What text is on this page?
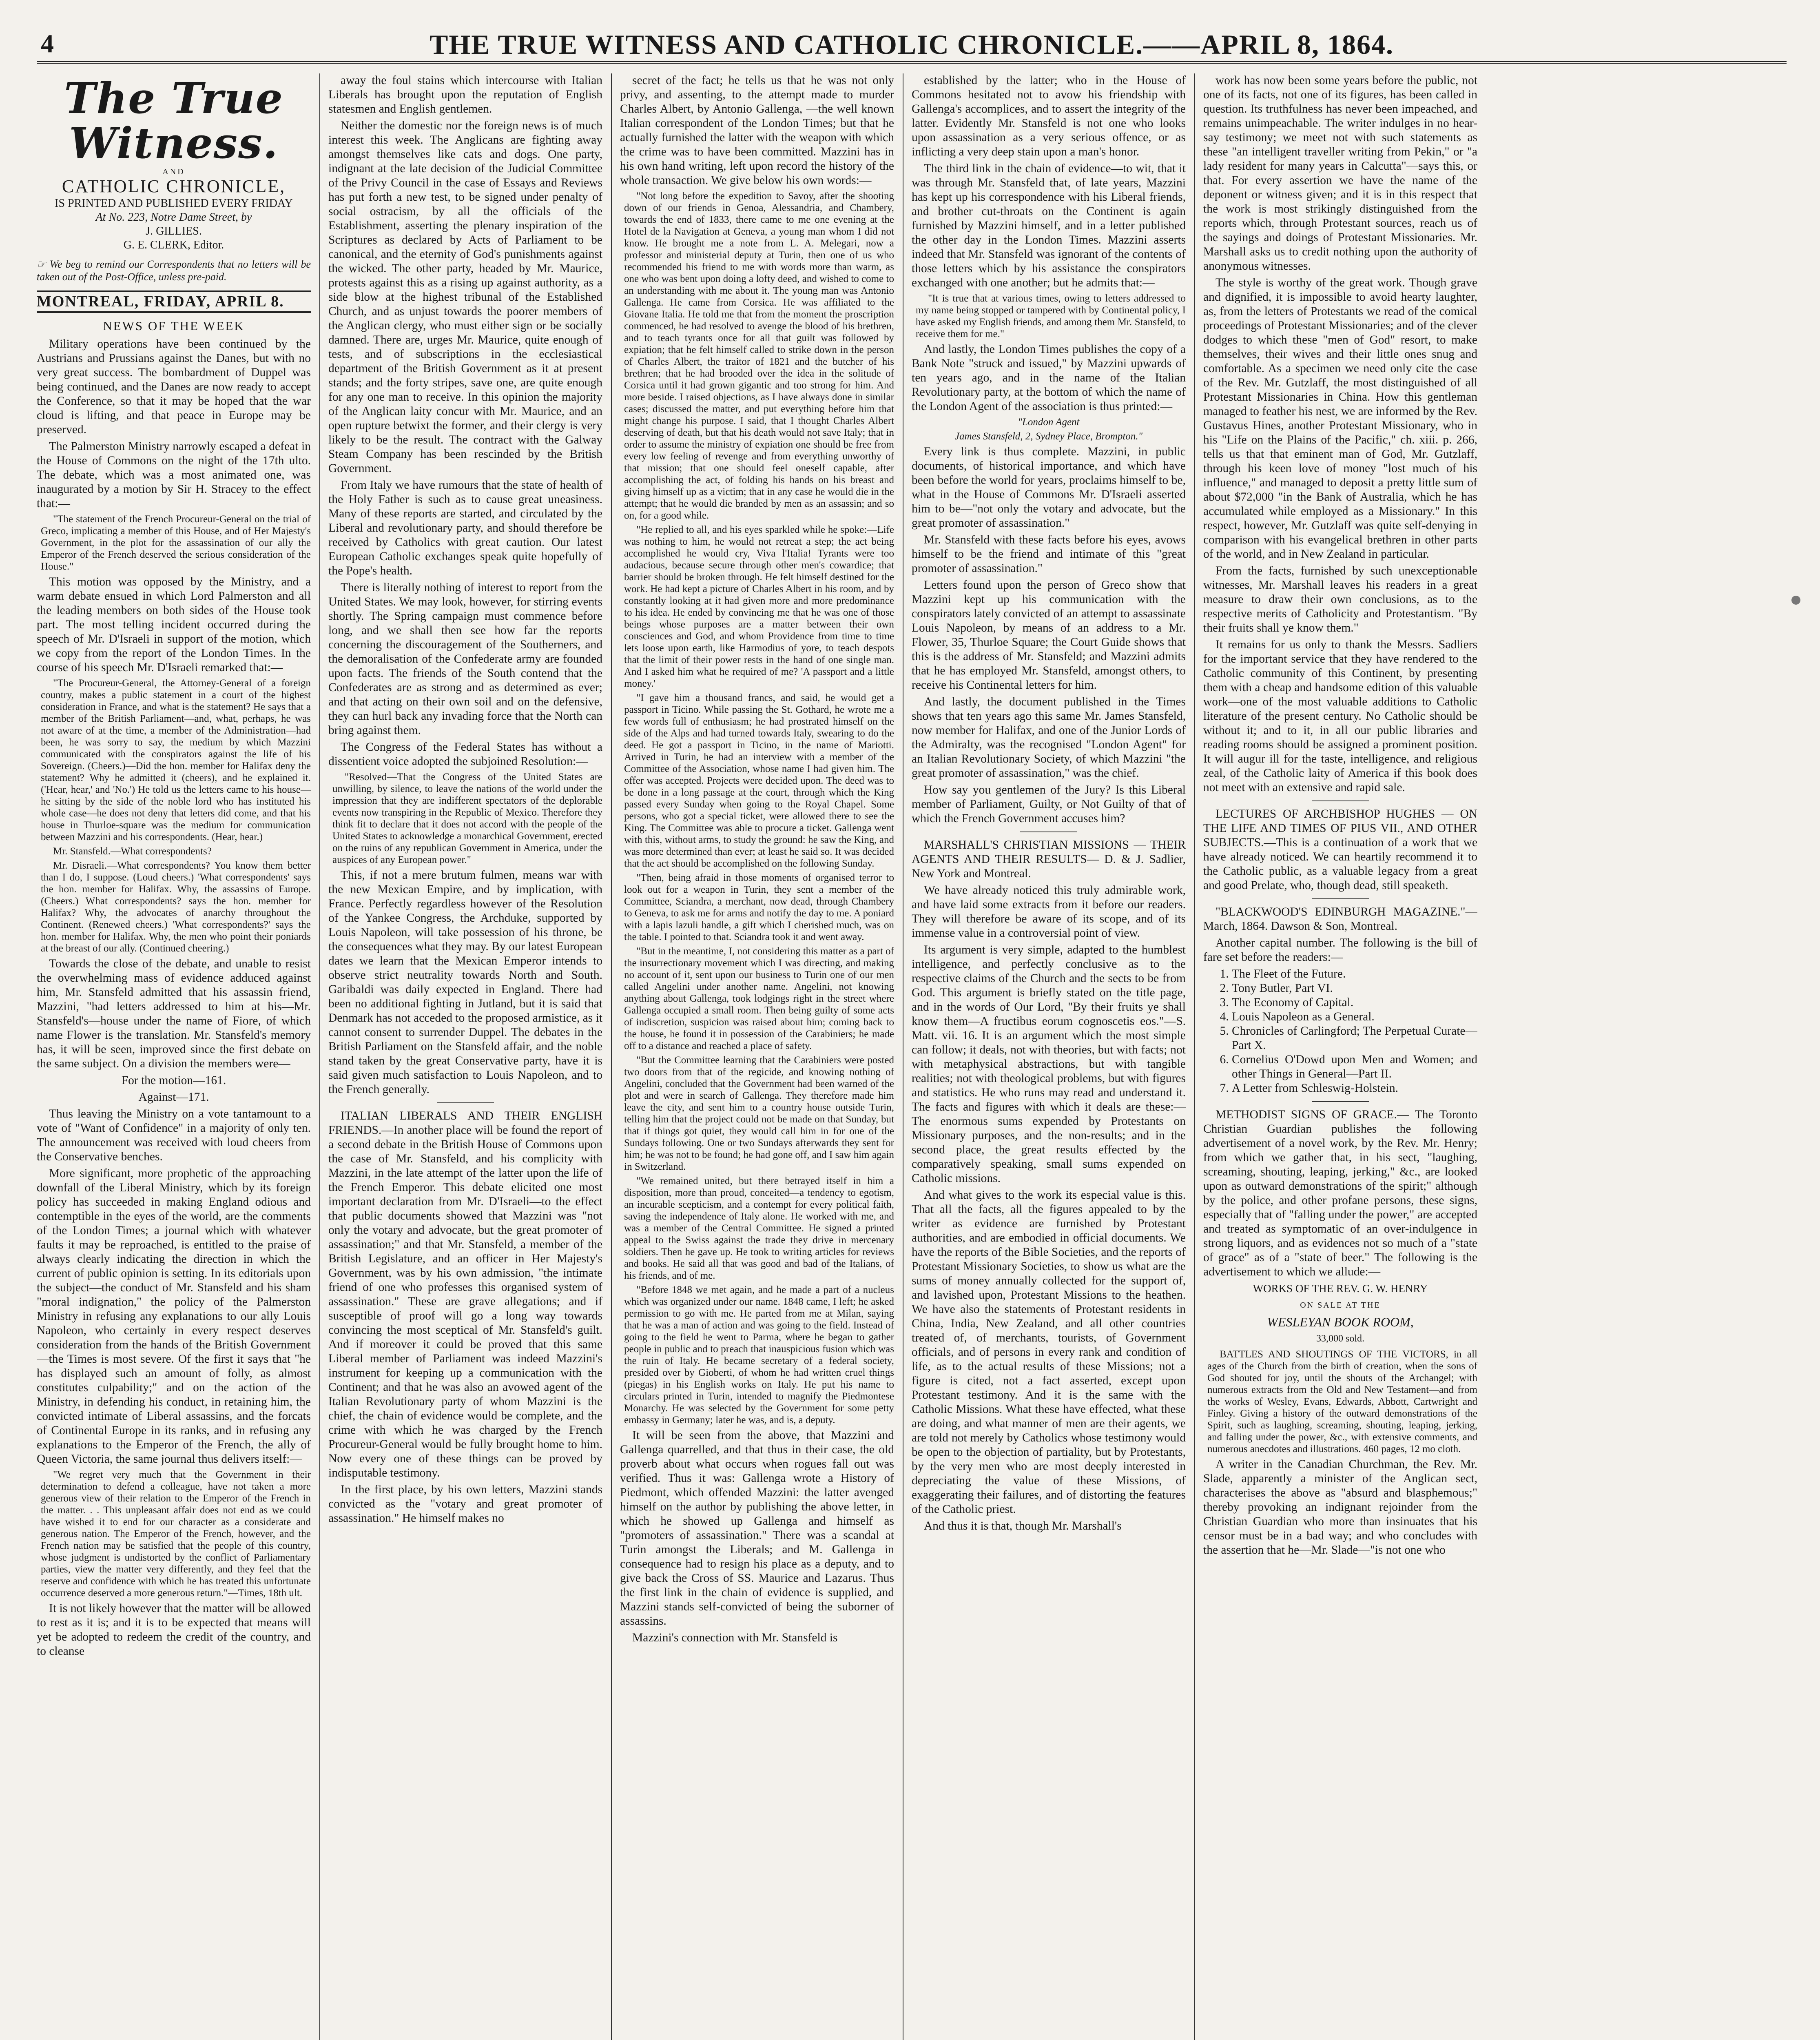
4	THE TRUE WITNESS AND CATHOLIC CHRONICLE.——APRIL 8, 1864.
The True Witness.
AND
CATHOLIC CHRONICLE,
IS PRINTED AND PUBLISHED EVERY FRIDAY
At No. 223, Notre Dame Street, by
J. GILLIES.
G. E. CLERK, Editor.
☞ We beg to remind our Correspondents that no letters will be taken out of the Post-Office, unless pre-paid.
MONTREAL, FRIDAY, APRIL 8.
NEWS OF THE WEEK

Military operations have been continued by the Austrians and Prussians against the Danes, but with no very great success. The bombardment of Duppel was being continued, and the Danes are now ready to accept the Conference, so that it may be hoped that the war cloud is lifting, and that peace in Europe may be preserved.

The Palmerston Ministry narrowly escaped a defeat in the House of Commons on the night of the 17th ulto. The debate, which was a most animated one, was inaugurated by a motion by Sir H. Stracey to the effect that:—

"The statement of the French Procureur-General on the trial of Greco, implicating a member of this House, and of Her Majesty's Government, in the plot for the assassination of our ally the Emperor of the French deserved the serious consideration of the House."

This motion was opposed by the Ministry, and a warm debate ensued in which Lord Palmerston and all the leading members on both sides of the House took part. The most telling incident occurred during the speech of Mr. D'Israeli in support of the motion, which we copy from the report of the London Times. In the course of his speech Mr. D'Israeli remarked that:—

"The Procureur-General, the Attorney-General of a foreign country, makes a public statement in a court of the highest consideration in France, and what is the statement? He says that a member of the British Parliament—and, what, perhaps, he was not aware of at the time, a member of the Administration—had been, he was sorry to say, the medium by which Mazzini communicated with the conspirators against the life of his Sovereign. (Cheers.)—Did the hon. member for Halifax deny the statement? Why he admitted it (cheers), and he explained it. ('Hear, hear,' and 'No.') He told us the letters came to his house—he sitting by the side of the noble lord who has instituted his whole case—he does not deny that letters did come, and that his house in Thurloe-square was the medium for communication between Mazzini and his correspondents. (Hear, hear.)

Mr. Stansfeld.—What correspondents?

Mr. Disraeli.—What correspondents? You know them better than I do, I suppose. (Loud cheers.) 'What correspondents' says the hon. member for Halifax. Why, the assassins of Europe. (Cheers.) What correspondents? says the hon. member for Halifax? Why, the advocates of anarchy throughout the Continent. (Renewed cheers.) 'What correspondents?' says the hon. member for Halifax. Why, the men who point their poniards at the breast of our ally. (Continued cheering.)

Towards the close of the debate, and unable to resist the overwhelming mass of evidence adduced against him, Mr. Stansfeld admitted that his assassin friend, Mazzini, "had letters addressed to him at his—Mr. Stansfeld's—house under the name of Fiore, of which name Flower is the translation. Mr. Stansfeld's memory has, it will be seen, improved since the first debate on the same subject. On a division the members were—

For the motion—161.

Against—171.

Thus leaving the Ministry on a vote tantamount to a vote of "Want of Confidence" in a majority of only ten. The announcement was received with loud cheers from the Conservative benches.

More significant, more prophetic of the approaching downfall of the Liberal Ministry, which by its foreign policy has succeeded in making England odious and contemptible in the eyes of the world, are the comments of the London Times; a journal which with whatever faults it may be reproached, is entitled to the praise of always clearly indicating the direction in which the current of public opinion is setting. In its editorials upon the subject—the conduct of Mr. Stansfeld and his sham "moral indignation," the policy of the Palmerston Ministry in refusing any explanations to our ally Louis Napoleon, who certainly in every respect deserves consideration from the hands of the British Government—the Times is most severe. Of the first it says that "he has displayed such an amount of folly, as almost constitutes culpability;" and on the action of the Ministry, in defending his conduct, in retaining him, the convicted intimate of Liberal assassins, and the forcats of Continental Europe in its ranks, and in refusing any explanations to the Emperor of the French, the ally of Queen Victoria, the same journal thus delivers itself:—

"We regret very much that the Government in their determination to defend a colleague, have not taken a more generous view of their relation to the Emperor of the French in the matter. . . This unpleasant affair does not end as we could have wished it to end for our character as a considerate and generous nation. The Emperor of the French, however, and the French nation may be satisfied that the people of this country, whose judgment is undistorted by the conflict of Parliamentary parties, view the matter very differently, and they feel that the reserve and confidence with which he has treated this unfortunate occurrence deserved a more generous return."—Times, 18th ult.

It is not likely however that the matter will be allowed to rest as it is; and it is to be expected that means will yet be adopted to redeem the credit of the country, and to cleanse

away the foul stains which intercourse with Italian Liberals has brought upon the reputation of English statesmen and English gentlemen.

Neither the domestic nor the foreign news is of much interest this week. The Anglicans are fighting away amongst themselves like cats and dogs. One party, indignant at the late decision of the Judicial Committee of the Privy Council in the case of Essays and Reviews has put forth a new test, to be signed under penalty of social ostracism, by all the officials of the Establishment, asserting the plenary inspiration of the Scriptures as declared by Acts of Parliament to be canonical, and the eternity of God's punishments against the wicked. The other party, headed by Mr. Maurice, protests against this as a rising up against authority, as a side blow at the highest tribunal of the Established Church, and as unjust towards the poorer members of the Anglican clergy, who must either sign or be socially damned. There are, urges Mr. Maurice, quite enough of tests, and of subscriptions in the ecclesiastical department of the British Government as it at present stands; and the forty stripes, save one, are quite enough for any one man to receive. In this opinion the majority of the Anglican laity concur with Mr. Maurice, and an open rupture betwixt the former, and their clergy is very likely to be the result. The contract with the Galway Steam Company has been rescinded by the British Government.

From Italy we have rumours that the state of health of the Holy Father is such as to cause great uneasiness. Many of these reports are started, and circulated by the Liberal and revolutionary party, and should therefore be received by Catholics with great caution. Our latest European Catholic exchanges speak quite hopefully of the Pope's health.

There is literally nothing of interest to report from the United States. We may look, however, for stirring events shortly. The Spring campaign must commence before long, and we shall then see how far the reports concerning the discouragement of the Southerners, and the demoralisation of the Confederate army are founded upon facts. The friends of the South contend that the Confederates are as strong and as determined as ever; and that acting on their own soil and on the defensive, they can hurl back any invading force that the North can bring against them.

The Congress of the Federal States has without a dissentient voice adopted the subjoined Resolution:—

"Resolved—That the Congress of the United States are unwilling, by silence, to leave the nations of the world under the impression that they are indifferent spectators of the deplorable events now transpiring in the Republic of Mexico. Therefore they think fit to declare that it does not accord with the people of the United States to acknowledge a monarchical Government, erected on the ruins of any republican Government in America, under the auspices of any European power."

This, if not a mere brutum fulmen, means war with the new Mexican Empire, and by implication, with France. Perfectly regardless however of the Resolution of the Yankee Congress, the Archduke, supported by Louis Napoleon, will take possession of his throne, be the consequences what they may. By our latest European dates we learn that the Mexican Emperor intends to observe strict neutrality towards North and South. Garibaldi was daily expected in England. There had been no additional fighting in Jutland, but it is said that Denmark has not acceded to the proposed armistice, as it cannot consent to surrender Duppel. The debates in the British Parliament on the Stansfeld affair, and the noble stand taken by the great Conservative party, have it is said given much satisfaction to Louis Napoleon, and to the French generally.

ITALIAN LIBERALS AND THEIR ENGLISH FRIENDS.—In another place will be found the report of a second debate in the British House of Commons upon the case of Mr. Stansfeld, and his complicity with Mazzini, in the late attempt of the latter upon the life of the French Emperor. This debate elicited one most important declaration from Mr. D'Israeli—to the effect that public documents showed that Mazzini was "not only the votary and advocate, but the great promoter of assassination;" and that Mr. Stansfeld, a member of the British Legislature, and an officer in Her Majesty's Government, was by his own admission, "the intimate friend of one who professes this organised system of assassination." These are grave allegations; and if susceptible of proof will go a long way towards convincing the most sceptical of Mr. Stansfeld's guilt. And if moreover it could be proved that this same Liberal member of Parliament was indeed Mazzini's instrument for keeping up a communication with the Continent; and that he was also an avowed agent of the Italian Revolutionary party of whom Mazzini is the chief, the chain of evidence would be complete, and the crime with which he was charged by the French Procureur-General would be fully brought home to him. Now every one of these things can be proved by indisputable testimony.

In the first place, by his own letters, Mazzini stands convicted as the "votary and great promoter of assassination." He himself makes no

secret of the fact; he tells us that he was not only privy, and assenting, to the attempt made to murder Charles Albert, by Antonio Gallenga, —the well known Italian correspondent of the London Times; but that he actually furnished the latter with the weapon with which the crime was to have been committed. Mazzini has in his own hand writing, left upon record the history of the whole transaction. We give below his own words:—

"Not long before the expedition to Savoy, after the shooting down of our friends in Genoa, Alessandria, and Chambery, towards the end of 1833, there came to me one evening at the Hotel de la Navigation at Geneva, a young man whom I did not know. He brought me a note from L. A. Melegari, now a professor and ministerial deputy at Turin, then one of us who recommended his friend to me with words more than warm, as one who was bent upon doing a lofty deed, and wished to come to an understanding with me about it. The young man was Antonio Gallenga. He came from Corsica. He was affiliated to the Giovane Italia. He told me that from the moment the proscription commenced, he had resolved to avenge the blood of his brethren, and to teach tyrants once for all that guilt was followed by expiation; that he felt himself called to strike down in the person of Charles Albert, the traitor of 1821 and the butcher of his brethren; that he had brooded over the idea in the solitude of Corsica until it had grown gigantic and too strong for him. And more beside. I raised objections, as I have always done in similar cases; discussed the matter, and put everything before him that might change his purpose. I said, that I thought Charles Albert deserving of death, but that his death would not save Italy; that in order to assume the ministry of expiation one should be free from every low feeling of revenge and from everything unworthy of that mission; that one should feel oneself capable, after accomplishing the act, of folding his hands on his breast and giving himself up as a victim; that in any case he would die in the attempt; that he would die branded by men as an assassin; and so on, for a good while.

"He replied to all, and his eyes sparkled while he spoke:—Life was nothing to him, he would not retreat a step; the act being accomplished he would cry, Viva l'Italia! Tyrants were too audacious, because secure through other men's cowardice; that barrier should be broken through. He felt himself destined for the work. He had kept a picture of Charles Albert in his room, and by constantly looking at it had given more and more predominance to his idea. He ended by convincing me that he was one of those beings whose purposes are a matter between their own consciences and God, and whom Providence from time to time lets loose upon earth, like Harmodius of yore, to teach despots that the limit of their power rests in the hand of one single man. And I asked him what he required of me? 'A passport and a little money.'

"I gave him a thousand francs, and said, he would get a passport in Ticino. While passing the St. Gothard, he wrote me a few words full of enthusiasm; he had prostrated himself on the side of the Alps and had turned towards Italy, swearing to do the deed. He got a passport in Ticino, in the name of Mariotti. Arrived in Turin, he had an interview with a member of the Committee of the Association, whose name I had given him. The offer was accepted. Projects were decided upon. The deed was to be done in a long passage at the court, through which the King passed every Sunday when going to the Royal Chapel. Some persons, who got a special ticket, were allowed there to see the King. The Committee was able to procure a ticket. Gallenga went with this, without arms, to study the ground: he saw the King, and was more determined than ever; at least he said so. It was decided that the act should be accomplished on the following Sunday.

"Then, being afraid in those moments of organised terror to look out for a weapon in Turin, they sent a member of the Committee, Sciandra, a merchant, now dead, through Chambery to Geneva, to ask me for arms and notify the day to me. A poniard with a lapis lazuli handle, a gift which I cherished much, was on the table. I pointed to that. Sciandra took it and went away.

"But in the meantime, I, not considering this matter as a part of the insurrectionary movement which I was directing, and making no account of it, sent upon our business to Turin one of our men called Angelini under another name. Angelini, not knowing anything about Gallenga, took lodgings right in the street where Gallenga occupied a small room. Then being guilty of some acts of indiscretion, suspicion was raised about him; coming back to the house, he found it in possession of the Carabiniers; he made off to a distance and reached a place of safety.

"But the Committee learning that the Carabiniers were posted two doors from that of the regicide, and knowing nothing of Angelini, concluded that the Government had been warned of the plot and were in search of Gallenga. They therefore made him leave the city, and sent him to a country house outside Turin, telling him that the project could not be made on that Sunday, but that if things got quiet, they would call him in for one of the Sundays following. One or two Sundays afterwards they sent for him; he was not to be found; he had gone off, and I saw him again in Switzerland.

"We remained united, but there betrayed itself in him a disposition, more than proud, conceited—a tendency to egotism, an incurable scepticism, and a contempt for every political faith, saving the independence of Italy alone. He worked with me, and was a member of the Central Committee. He signed a printed appeal to the Swiss against the trade they drive in mercenary soldiers. Then he gave up. He took to writing articles for reviews and books. He said all that was good and bad of the Italians, of his friends, and of me.

"Before 1848 we met again, and he made a part of a nucleus which was organized under our name. 1848 came, I left; he asked permission to go with me. He parted from me at Milan, saying that he was a man of action and was going to the field. Instead of going to the field he went to Parma, where he began to gather people in public and to preach that inauspicious fusion which was the ruin of Italy. He became secretary of a federal society, presided over by Gioberti, of whom he had written cruel things (piegas) in his English works on Italy. He put his name to circulars printed in Turin, intended to magnify the Piedmontese Monarchy. He was selected by the Government for some petty embassy in Germany; later he was, and is, a deputy.

It will be seen from the above, that Mazzini and Gallenga quarrelled, and that thus in their case, the old proverb about what occurs when rogues fall out was verified. Thus it was: Gallenga wrote a History of Piedmont, which offended Mazzini: the latter avenged himself on the author by publishing the above letter, in which he showed up Gallenga and himself as "promoters of assassination." There was a scandal at Turin amongst the Liberals; and M. Gallenga in consequence had to resign his place as a deputy, and to give back the Cross of SS. Maurice and Lazarus. Thus the first link in the chain of evidence is supplied, and Mazzini stands self-convicted of being the suborner of assassins.

Mazzini's connection with Mr. Stansfeld is

established by the latter; who in the House of Commons hesitated not to avow his friendship with Gallenga's accomplices, and to assert the integrity of the latter. Evidently Mr. Stansfeld is not one who looks upon assassination as a very serious offence, or as inflicting a very deep stain upon a man's honor.

The third link in the chain of evidence—to wit, that it was through Mr. Stansfeld that, of late years, Mazzini has kept up his correspondence with his Liberal friends, and brother cut-throats on the Continent is again furnished by Mazzini himself, and in a letter published the other day in the London Times. Mazzini asserts indeed that Mr. Stansfeld was ignorant of the contents of those letters which by his assistance the conspirators exchanged with one another; but he admits that:—

"It is true that at various times, owing to letters addressed to my name being stopped or tampered with by Continental policy, I have asked my English friends, and among them Mr. Stansfeld, to receive them for me."

And lastly, the London Times publishes the copy of a Bank Note "struck and issued," by Mazzini upwards of ten years ago, and in the name of the Italian Revolutionary party, at the bottom of which the name of the London Agent of the association is thus printed:—

"London Agent

James Stansfeld, 2, Sydney Place, Brompton."

Every link is thus complete. Mazzini, in public documents, of historical importance, and which have been before the world for years, proclaims himself to be, what in the House of Commons Mr. D'Israeli asserted him to be—"not only the votary and advocate, but the great promoter of assassination."

Mr. Stansfeld with these facts before his eyes, avows himself to be the friend and intimate of this "great promoter of assassination."

Letters found upon the person of Greco show that Mazzini kept up his communication with the conspirators lately convicted of an attempt to assassinate Louis Napoleon, by means of an address to a Mr. Flower, 35, Thurloe Square; the Court Guide shows that this is the address of Mr. Stansfeld; and Mazzini admits that he has employed Mr. Stansfeld, amongst others, to receive his Continental letters for him.

And lastly, the document published in the Times shows that ten years ago this same Mr. James Stansfeld, now member for Halifax, and one of the Junior Lords of the Admiralty, was the recognised "London Agent" for an Italian Revolutionary Society, of which Mazzini "the great promoter of assassination," was the chief.

How say you gentlemen of the Jury? Is this Liberal member of Parliament, Guilty, or Not Guilty of that of which the French Government accuses him?

MARSHALL'S CHRISTIAN MISSIONS — THEIR AGENTS AND THEIR RESULTS— D. & J. Sadlier, New York and Montreal.

We have already noticed this truly admirable work, and have laid some extracts from it before our readers. They will therefore be aware of its scope, and of its immense value in a controversial point of view.

Its argument is very simple, adapted to the humblest intelligence, and perfectly conclusive as to the respective claims of the Church and the sects to be from God. This argument is briefly stated on the title page, and in the words of Our Lord, "By their fruits ye shall know them—A fructibus eorum cognoscetis eos."—S. Matt. vii. 16. It is an argument which the most simple can follow; it deals, not with theories, but with facts; not with metaphysical abstractions, but with tangible realities; not with theological problems, but with figures and statistics. He who runs may read and understand it. The facts and figures with which it deals are these:—The enormous sums expended by Protestants on Missionary purposes, and the non-results; and in the second place, the great results effected by the comparatively speaking, small sums expended on Catholic missions.

And what gives to the work its especial value is this. That all the facts, all the figures appealed to by the writer as evidence are furnished by Protestant authorities, and are embodied in official documents. We have the reports of the Bible Societies, and the reports of Protestant Missionary Societies, to show us what are the sums of money annually collected for the support of, and lavished upon, Protestant Missions to the heathen. We have also the statements of Protestant residents in China, India, New Zealand, and all other countries treated of, of merchants, tourists, of Government officials, and of persons in every rank and condition of life, as to the actual results of these Missions; not a figure is cited, not a fact asserted, except upon Protestant testimony. And it is the same with the Catholic Missions. What these have effected, what these are doing, and what manner of men are their agents, we are told not merely by Catholics whose testimony would be open to the objection of partiality, but by Protestants, by the very men who are most deeply interested in depreciating the value of these Missions, of exaggerating their failures, and of distorting the features of the Catholic priest.

And thus it is that, though Mr. Marshall's

work has now been some years before the public, not one of its facts, not one of its figures, has been called in question. Its truthfulness has never been impeached, and remains unimpeachable. The writer indulges in no hear-say testimony; we meet not with such statements as these "an intelligent traveller writing from Pekin," or "a lady resident for many years in Calcutta"—says this, or that. For every assertion we have the name of the deponent or witness given; and it is in this respect that the work is most strikingly distinguished from the reports which, through Protestant sources, reach us of the sayings and doings of Protestant Missionaries. Mr. Marshall asks us to credit nothing upon the authority of anonymous witnesses.

The style is worthy of the great work. Though grave and dignified, it is impossible to avoid hearty laughter, as, from the letters of Protestants we read of the comical proceedings of Protestant Missionaries; and of the clever dodges to which these "men of God" resort, to make themselves, their wives and their little ones snug and comfortable. As a specimen we need only cite the case of the Rev. Mr. Gutzlaff, the most distinguished of all Protestant Missionaries in China. How this gentleman managed to feather his nest, we are informed by the Rev. Gustavus Hines, another Protestant Missionary, who in his "Life on the Plains of the Pacific," ch. xiii. p. 266, tells us that that eminent man of God, Mr. Gutzlaff, through his keen love of money "lost much of his influence," and managed to deposit a pretty little sum of about $72,000 "in the Bank of Australia, which he has accumulated while employed as a Missionary." In this respect, however, Mr. Gutzlaff was quite self-denying in comparison with his evangelical brethren in other parts of the world, and in New Zealand in particular.

From the facts, furnished by such unexceptionable witnesses, Mr. Marshall leaves his readers in a great measure to draw their own conclusions, as to the respective merits of Catholicity and Protestantism. "By their fruits shall ye know them."

It remains for us only to thank the Messrs. Sadliers for the important service that they have rendered to the Catholic community of this Continent, by presenting them with a cheap and handsome edition of this valuable work—one of the most valuable additions to Catholic literature of the present century. No Catholic should be without it; and to it, in all our public libraries and reading rooms should be assigned a prominent position. It will augur ill for the taste, intelligence, and religious zeal, of the Catholic laity of America if this book does not meet with an extensive and rapid sale.

LECTURES OF ARCHBISHOP HUGHES — ON THE LIFE AND TIMES OF PIUS VII., AND OTHER SUBJECTS.—This is a continuation of a work that we have already noticed. We can heartily recommend it to the Catholic public, as a valuable legacy from a great and good Prelate, who, though dead, still speaketh.

"BLACKWOOD'S EDINBURGH MAGAZINE."— March, 1864. Dawson & Son, Montreal.

Another capital number. The following is the bill of fare set before the readers:—

1. The Fleet of the Future.
2. Tony Butler, Part VI.
3. The Economy of Capital.
4. Louis Napoleon as a General.
5. Chronicles of Carlingford; The Perpetual Curate—Part X.
6. Cornelius O'Dowd upon Men and Women; and other Things in General—Part II.
7. A Letter from Schleswig-Holstein.

METHODIST SIGNS OF GRACE.— The Toronto Christian Guardian publishes the following advertisement of a novel work, by the Rev. Mr. Henry; from which we gather that, in his sect, "laughing, screaming, shouting, leaping, jerking," &c., are looked upon as outward demonstrations of the spirit;" although by the police, and other profane persons, these signs, especially that of "falling under the power," are accepted and treated as symptomatic of an over-indulgence in strong liquors, and as evidences not so much of a "state of grace" as of a "state of beer." The following is the advertisement to which we allude:—

WORKS OF THE REV. G. W. HENRY

ON SALE AT THE

WESLEYAN BOOK ROOM,

33,000 sold.

BATTLES AND SHOUTINGS OF THE VICTORS, in all ages of the Church from the birth of creation, when the sons of God shouted for joy, until the shouts of the Archangel; with numerous extracts from the Old and New Testament—and from the works of Wesley, Evans, Edwards, Abbott, Cartwright and Finley. Giving a history of the outward demonstrations of the Spirit, such as laughing, screaming, shouting, leaping, jerking, and falling under the power, &c., with extensive comments, and numerous anecdotes and illustrations. 460 pages, 12 mo cloth.

A writer in the Canadian Churchman, the Rev. Mr. Slade, apparently a minister of the Anglican sect, characterises the above as "absurd and blasphemous;" thereby provoking an indignant rejoinder from the Christian Guardian who more than insinuates that his censor must be in a bad way; and who concludes with the assertion that he—Mr. Slade—"is not one who
